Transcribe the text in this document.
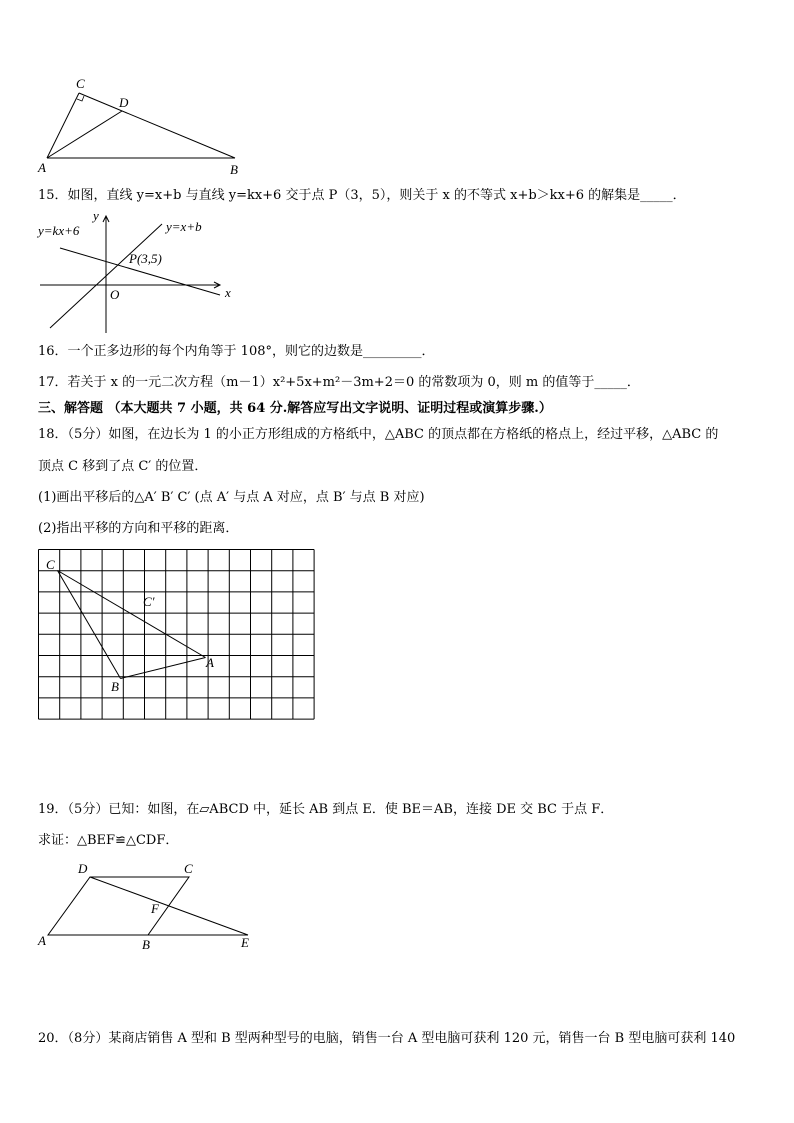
C
D
A	B
15．如图，直线 y=x+b 与直线 y=kx+6 交于点 P（3，5），则关于 x 的不等式 x+b＞kx+6 的解集是_____．
y
y=kx+6	y=x+b
P(3,5)
O	x
16．一个正多边形的每个内角等于 108°，则它的边数是_________．
17．若关于 x 的一元二次方程（m－1）x²+5x+m²－3m+2＝0 的常数项为 0，则 m 的值等于_____．
三、解答题 （本大题共 7 小题，共 64 分.解答应写出文字说明、证明过程或演算步骤.）
18．（5分）如图，在边长为 1 的小正方形组成的方格纸中，△ABC 的顶点都在方格纸的格点上，经过平移，△ABC 的
顶点 C 移到了点 C′ 的位置．
(1)画出平移后的△A′ B′ C′ (点 A′ 与点 A 对应，点 B′ 与点 B 对应)
(2)指出平移的方向和平移的距离．
C
C′
A
B
19．（5分）已知：如图，在▱ABCD 中，延长 AB 到点 E．使 BE＝AB，连接 DE 交 BC 于点 F．
求证：△BEF≌△CDF．
D	C
F
A	B	E
20．（8分）某商店销售 A 型和 B 型两种型号的电脑，销售一台 A 型电脑可获利 120 元，销售一台 B 型电脑可获利 140
